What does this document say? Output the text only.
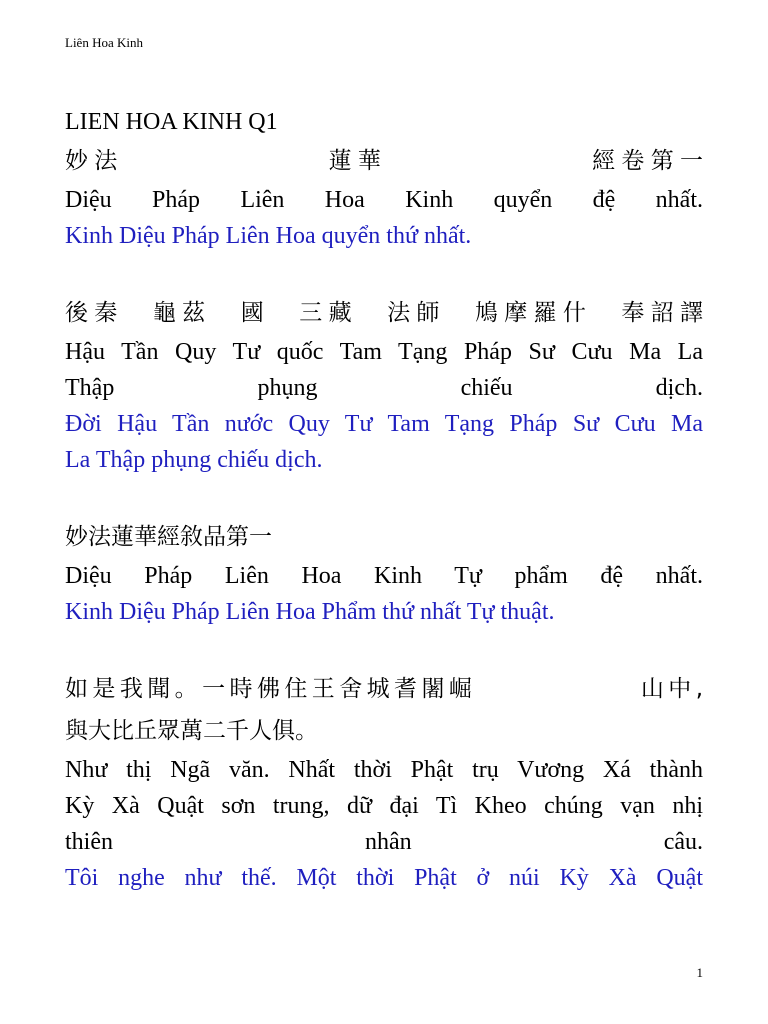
Liên Hoa Kinh
LIEN HOA KINH Q1
妙法　　　　　　　蓮華　　　　　　　經卷第一
Diệu Pháp Liên Hoa Kinh quyển đệ nhất.
Kinh Diệu Pháp Liên Hoa quyển thứ nhất.
後秦　龜茲　國　三藏　法師　鳩摩羅什　奉詔譯
Hậu Tần Quy Tư quốc Tam Tạng Pháp Sư Cưu Ma La
Thập phụng chiếu dịch.
Đời Hậu Tần nước Quy Tư Tam Tạng Pháp Sư Cưu Ma
La Thập phụng chiếu dịch.
妙法蓮華經敘品第一
Diệu Pháp Liên Hoa Kinh Tự phẩm đệ nhất.
Kinh Diệu Pháp Liên Hoa Phẩm thứ nhất Tự thuật.
如是我聞。一時佛住王舍城耆闍崛　　　　　　山中,
與大比丘眾萬二千人俱。
Như thị Ngã văn. Nhất thời Phật trụ Vương Xá thành
Kỳ Xà Quật sơn trung, dữ đại Tì Kheo chúng vạn nhị
thiên nhân câu.
Tôi nghe như thế. Một thời Phật ở núi Kỳ Xà Quật
1
